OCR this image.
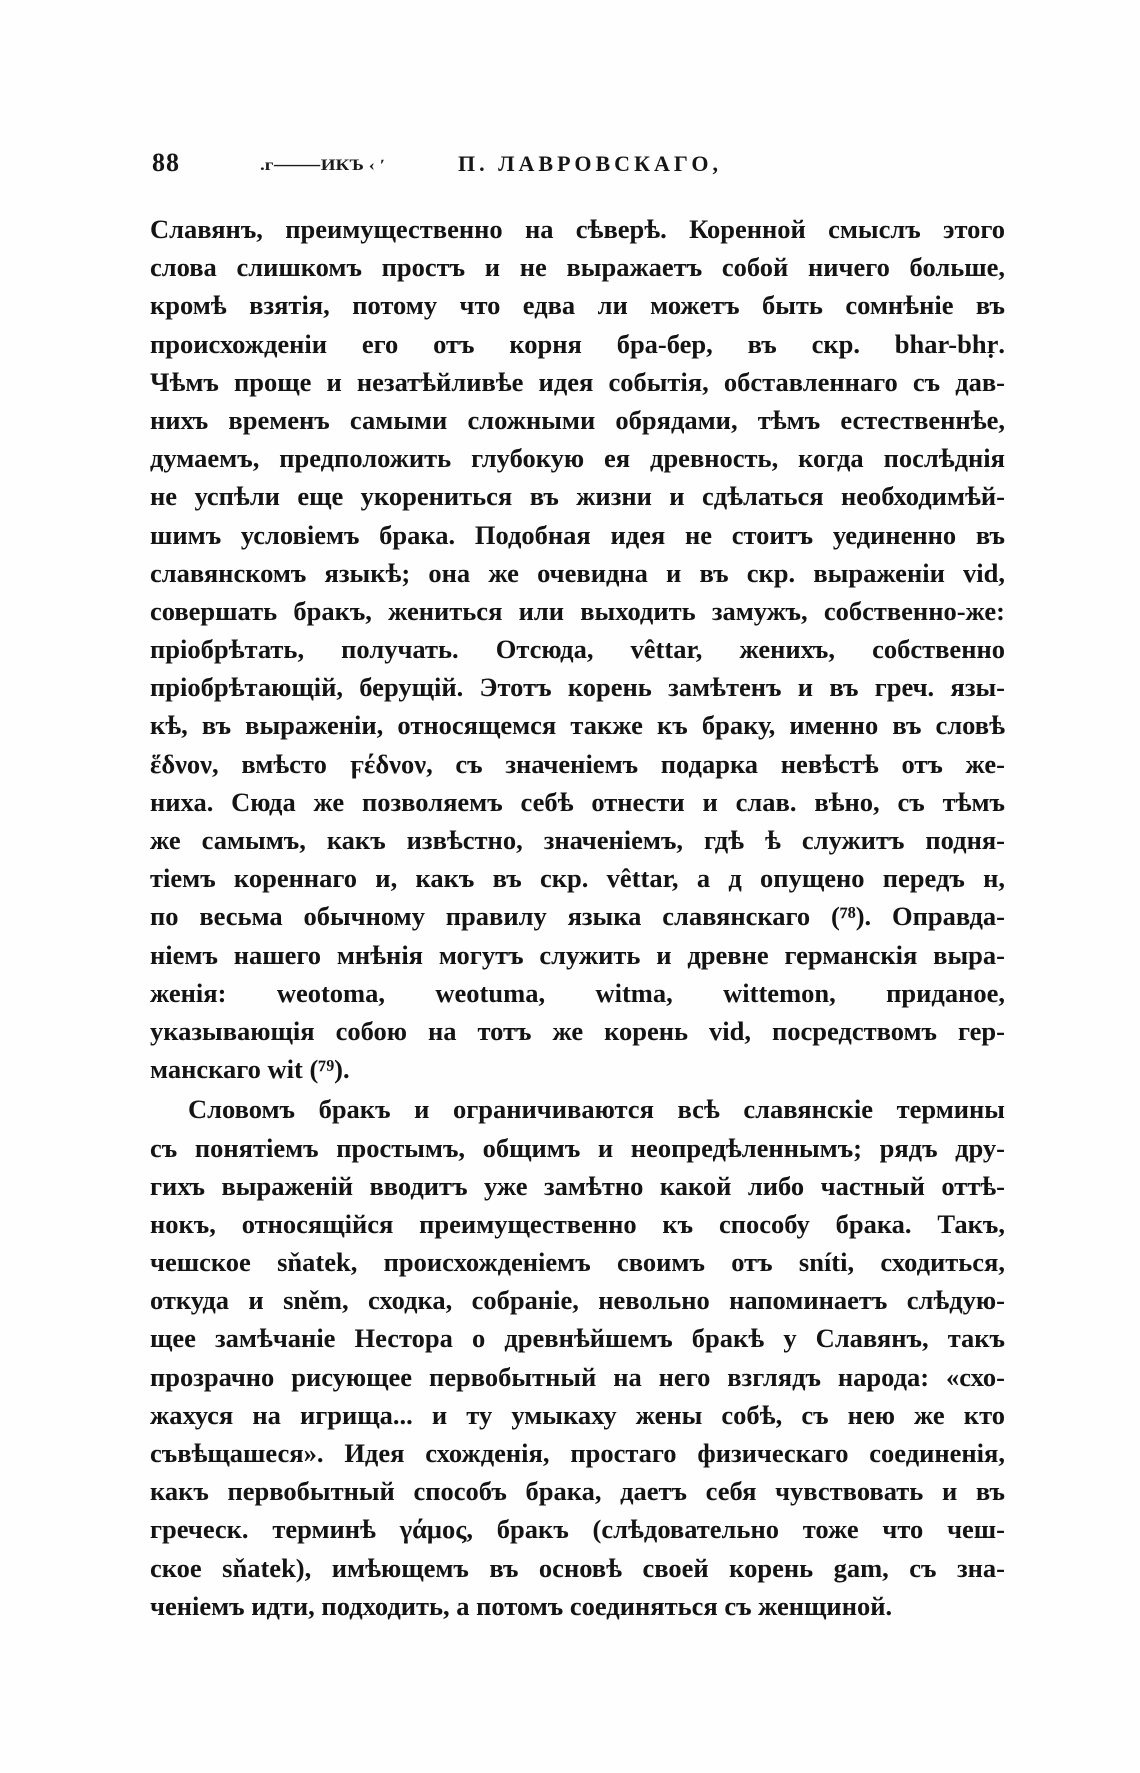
88	.г⸻ИКЪ ‹ ʹ	П. ЛАВРОВСКАГО,
Славянъ, преимущественно на сѣверѣ. Коренной смыслъ этого
слова слишкомъ простъ и не выражаетъ собой ничего больше,
кромѣ взятія, потому что едва ли можетъ быть сомнѣніе въ
происхожденіи его отъ корня бра-бер, въ скр. bhar-bhṛ.
Чѣмъ проще и незатѣйливѣе идея событія, обставленнаго съ дав-
нихъ временъ самыми сложными обрядами, тѣмъ естественнѣе,
думаемъ, предположить глубокую ея древность, когда послѣднія
не успѣли еще укорениться въ жизни и сдѣлаться необходимѣй-
шимъ условіемъ брака. Подобная идея не стоитъ уединенно въ
славянскомъ языкѣ; она же очевидна и въ скр. выраженіи vid,
совершать бракъ, жениться или выходить замужъ, собственно-же:
пріобрѣтать, получать. Отсюда, vêttar, женихъ, собственно
пріобрѣтающій, берущій. Этотъ корень замѣтенъ и въ греч. язы-
кѣ, въ выраженіи, относящемся также къ браку, именно въ словѣ
ἕδνον, вмѣсто ϝέδνον, съ значеніемъ подарка невѣстѣ отъ же-
ниха. Сюда же позволяемъ себѣ отнести и слав. вѣно, съ тѣмъ
же самымъ, какъ извѣстно, значеніемъ, гдѣ ѣ служитъ подня-
тіемъ кореннаго и, какъ въ скр. vêttar, а д опущено передъ н,
по весьма обычному правилу языка славянскаго (⁷⁸). Оправда-
ніемъ нашего мнѣнія могутъ служить и древне германскія выра-
женія: weotoma, weotuma, witma, wittemon, приданое,
указывающія собою на тотъ же корень vid, посредствомъ гер-
манскаго wit (⁷⁹).
Словомъ бракъ и ограничиваются всѣ славянскіе термины
съ понятіемъ простымъ, общимъ и неопредѣленнымъ; рядъ дру-
гихъ выраженій вводитъ уже замѣтно какой либо частный оттѣ-
нокъ, относящійся преимущественно къ способу брака. Такъ,
чешское sňatek, происхожденіемъ своимъ отъ sníti, сходиться,
откуда и sněm, сходка, собраніе, невольно напоминаетъ слѣдую-
щее замѣчаніе Нестора о древнѣйшемъ бракѣ у Славянъ, такъ
прозрачно рисующее первобытный на него взглядъ народа: «схо-
жахуся на игрища... и ту умыкаху жены собѣ, съ нею же кто
съвѣщашеся». Идея схожденія, простаго физическаго соединенія,
какъ первобытный способъ брака, даетъ себя чувствовать и въ
греческ. терминѣ γάμος, бракъ (слѣдовательно тоже что чеш-
ское sňatek), имѣющемъ въ основѣ своей корень gam, съ зна-
ченіемъ идти, подходить, а потомъ соединяться съ женщиной.
